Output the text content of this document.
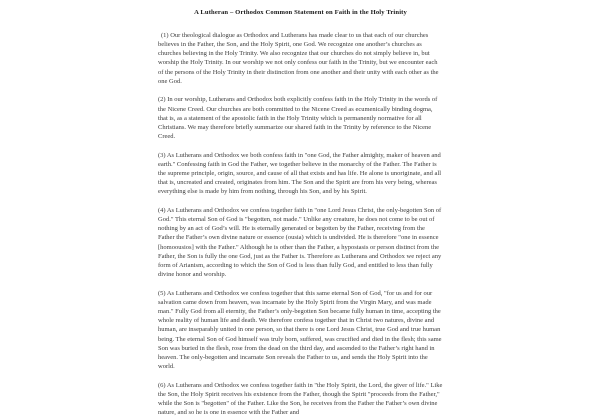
A Lutheran – Orthodox Common Statement on Faith in the Holy Trinity

(1) Our theological dialogue as Orthodox and Lutherans has made clear to us that each of our churches believes in the Father, the Son, and the Holy Spirit, one God. We recognize one another’s churches as churches believing in the Holy Trinity. We also recognize that our churches do not simply believe in, but worship the Holy Trinity. In our worship we not only confess our faith in the Trinity, but we encounter each of the persons of the Holy Trinity in their distinction from one another and their unity with each other as the one God.

(2) In our worship, Lutherans and Orthodox both explicitly confess faith in the Holy Trinity in the words of the Nicene Creed. Our churches are both committed to the Nicene Creed as ecumenically binding dogma, that is, as a statement of the apostolic faith in the Holy Trinity which is permanently normative for all Christians. We may therefore briefly summarize our shared faith in the Trinity by reference to the Nicene Creed.

(3) As Lutherans and Orthodox we both confess faith in "one God, the Father almighty, maker of heaven and earth." Confessing faith in God the Father, we together believe in the monarchy of the Father. The Father is the supreme principle, origin, source, and cause of all that exists and has life. He alone is unoriginate, and all that is, uncreated and created, originates from him. The Son and the Spirit are from his very being, whereas everything else is made by him from nothing, through his Son, and by his Spirit.

(4) As Lutherans and Orthodox we confess together faith in "one Lord Jesus Christ, the only-begotten Son of God." This eternal Son of God is "begotten, not made." Unlike any creature, he does not come to be out of nothing by an act of God’s will. He is eternally generated or begotten by the Father, receiving from the Father the Father’s own divine nature or essence (ousia) which is undivided. He is therefore "one in essence [homoousios] with the Father." Although he is other than the Father, a hypostasis or person distinct from the Father, the Son is fully the one God, just as the Father is. Therefore as Lutherans and Orthodox we reject any form of Arianism, according to which the Son of God is less than fully God, and entitled to less than fully divine honor and worship.

(5) As Lutherans and Orthodox we confess together that this same eternal Son of God, "for us and for our salvation came down from heaven, was incarnate by the Holy Spirit from the Virgin Mary, and was made man." Fully God from all eternity, the Father’s only-begotten Son became fully human in time, accepting the whole reality of human life and death. We therefore confess together that in Christ two natures, divine and human, are inseparably united in one person, so that there is one Lord Jesus Christ, true God and true human being. The eternal Son of God himself was truly born, suffered, was crucified and died in the flesh; this same Son was buried in the flesh, rose from the dead on the third day, and ascended to the Father’s right hand in heaven. The only-begotten and incarnate Son reveals the Father to us, and sends the Holy Spirit into the world.

(6) As Lutherans and Orthodox we confess together faith in "the Holy Spirit, the Lord, the giver of life." Like the Son, the Holy Spirit receives his existence from the Father, though the Spirit "proceeds from the Father," while the Son is "begotten" of the Father. Like the Son, he receives from the Father the Father’s own divine nature, and so he is one in essence with the Father and
